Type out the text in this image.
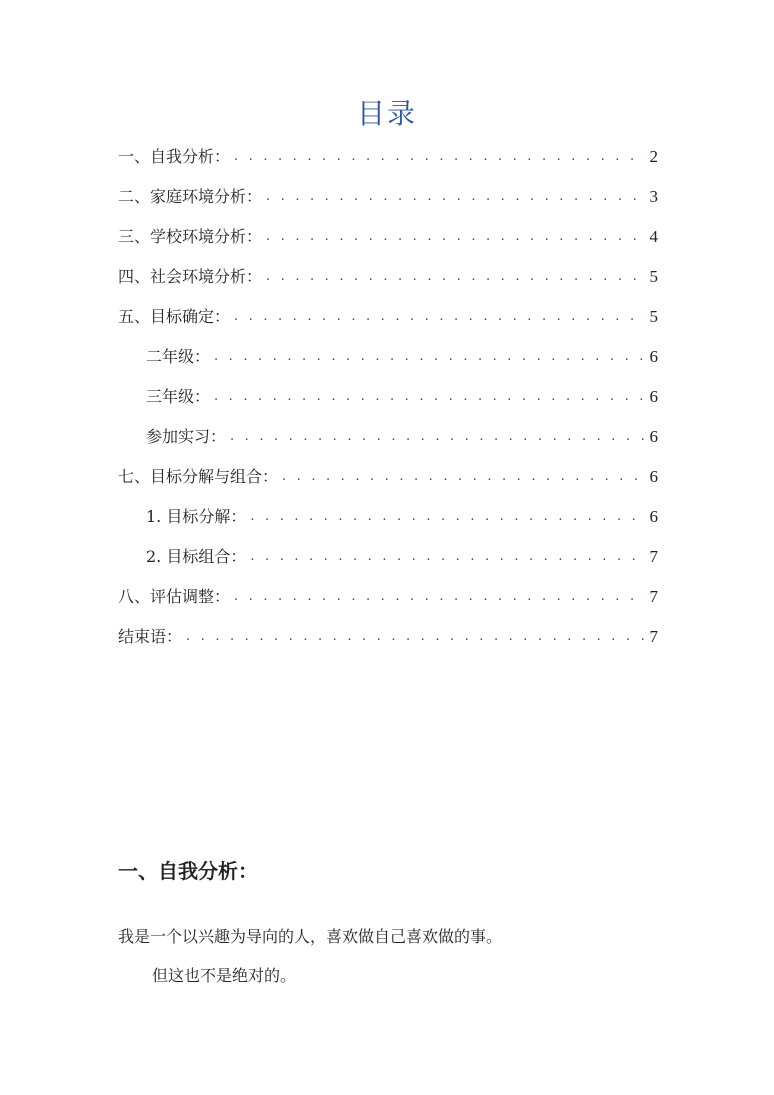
目录
一、自我分析： . . .	2
二、家庭环境分析： . . .	3
三、学校环境分析： . . .	4
四、社会环境分析： . . .	5
五、目标确定： . . .	5
二年级： . . .	6
三年级： . . .	6
参加实习： . . .	6
七、目标分解与组合： . . .	6
1. 目标分解： . . .	6
2. 目标组合： . . .	7
八、评估调整： . . .	7
结束语： . . .	7
一、自我分析：
我是一个以兴趣为导向的人，喜欢做自己喜欢做的事。
但这也不是绝对的。
